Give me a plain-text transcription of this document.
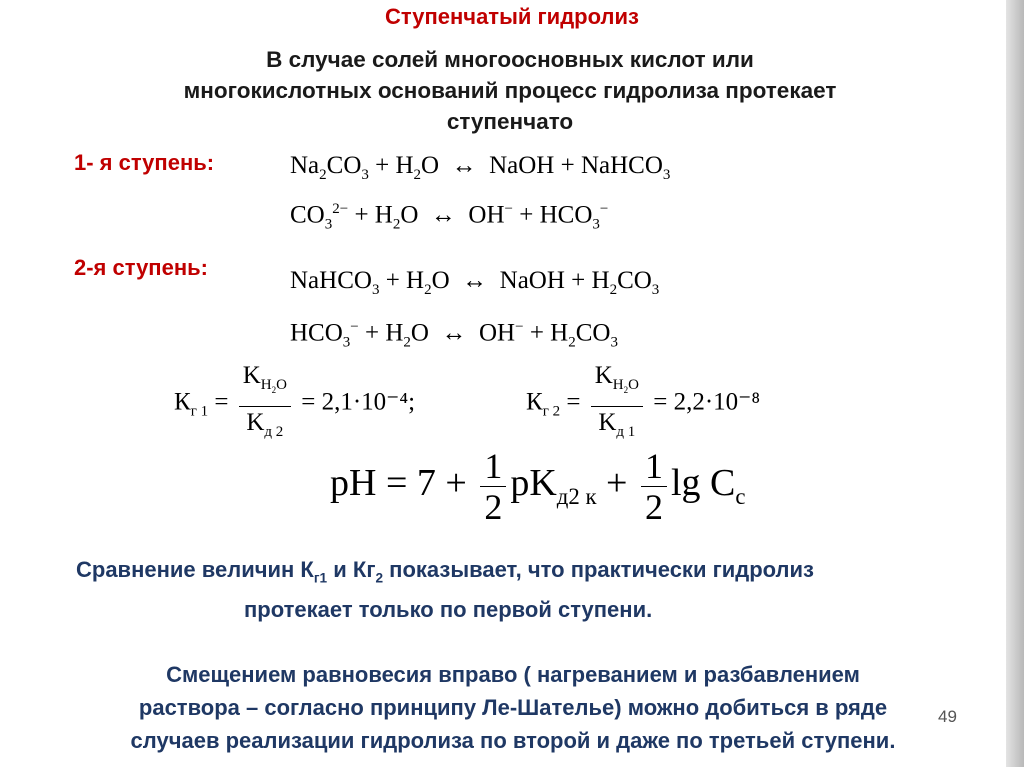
Ступенчатый гидролиз
В случае солей многоосновных кислот или
многокислотных оснований процесс гидролиза протекает
ступенчато
1- я ступень:
2-я ступень:
$Na_2CO_3 + H_2O$  ↔  NaOH + NaHCO$_3$
$CO_3^{2-} + H_2O$  ↔  $OH^- + HCO_3^-$
NaHCO$_3$ + $H_2O$  ↔  NaOH + $H_2CO_3$
$HCO_3^- + H_2O$  ↔  $OH^- + H_2CO_3$
$К_{г 1} = \frac{K_{H_2O}}{K_{д 2}} = 2,1\cdot 10^{-4}$;	$К_{г 2} = \frac{K_{H_2O}}{K_{д 1}} = 2,2\cdot 10^{-8}$
pH = $7 + \frac{1}{2} pK_{д2 к} + \frac{1}{2}$ $\lg C_c$
Сравнение величин $К_{г1}$ и $Кг_2$ показывает, что практически гидролиз
протекает только по первой ступени.
Смещением равновесия вправо ( нагреванием и разбавлением
раствора – согласно принципу Ле-Шателье) можно добиться в ряде
случаев реализации гидролиза по второй и даже по третьей ступени.
49
